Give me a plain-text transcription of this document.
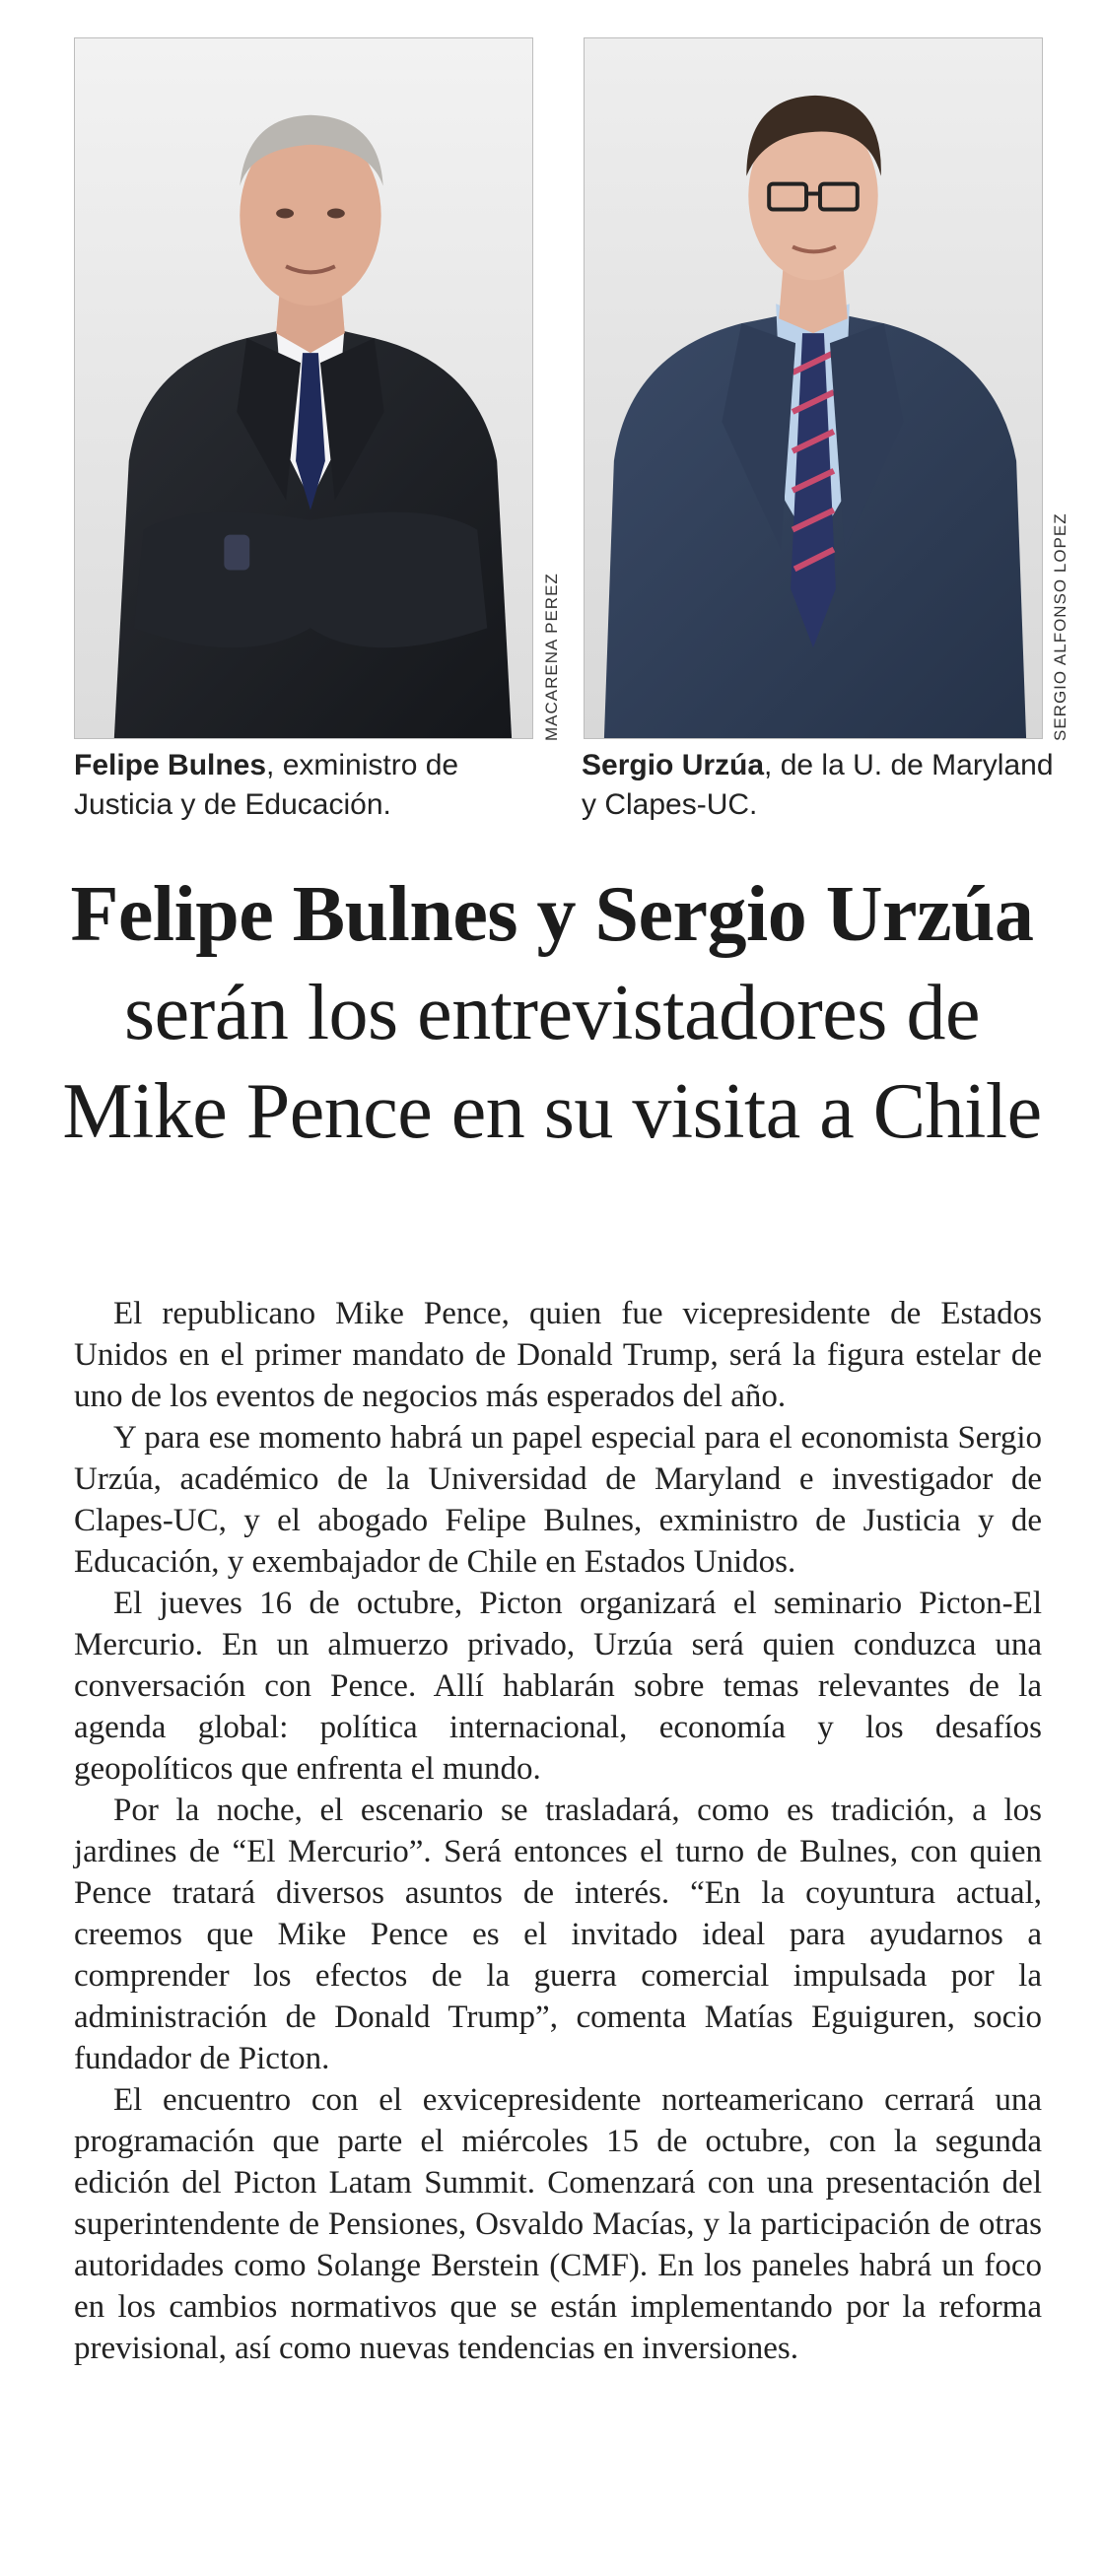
MACARENA PEREZ	SERGIO ALFONSO LOPEZ

Felipe Bulnes, exministro de Justicia y de Educación.

Sergio Urzúa, de la U. de Maryland y Clapes-UC.

Felipe Bulnes y Sergio Urzúa serán los entrevistadores de Mike Pence en su visita a Chile

El republicano Mike Pence, quien fue vicepresidente de Estados Unidos en el primer mandato de Donald Trump, será la figura estelar de uno de los eventos de negocios más esperados del año.

Y para ese momento habrá un papel especial para el economista Sergio Urzúa, académico de la Universidad de Maryland e investigador de Clapes-UC, y el abogado Felipe Bulnes, exministro de Justicia y de Educación, y exembajador de Chile en Estados Unidos.

El jueves 16 de octubre, Picton organizará el seminario Picton-El Mercurio. En un almuerzo privado, Urzúa será quien conduzca una conversación con Pence. Allí hablarán sobre temas relevantes de la agenda global: política internacional, economía y los desafíos geopolíticos que enfrenta el mundo.

Por la noche, el escenario se trasladará, como es tradición, a los jardines de “El Mercurio”. Será entonces el turno de Bulnes, con quien Pence tratará diversos asuntos de interés. “En la coyuntura actual, creemos que Mike Pence es el invitado ideal para ayudarnos a comprender los efectos de la guerra comercial impulsada por la administración de Donald Trump”, comenta Matías Eguiguren, socio fundador de Picton.

El encuentro con el exvicepresidente norteamericano cerrará una programación que parte el miércoles 15 de octubre, con la segunda edición del Picton Latam Summit. Comenzará con una presentación del superintendente de Pensiones, Osvaldo Macías, y la participación de otras autoridades como Solange Berstein (CMF). En los paneles habrá un foco en los cambios normativos que se están implementando por la reforma previsional, así como nuevas tendencias en inversiones.
